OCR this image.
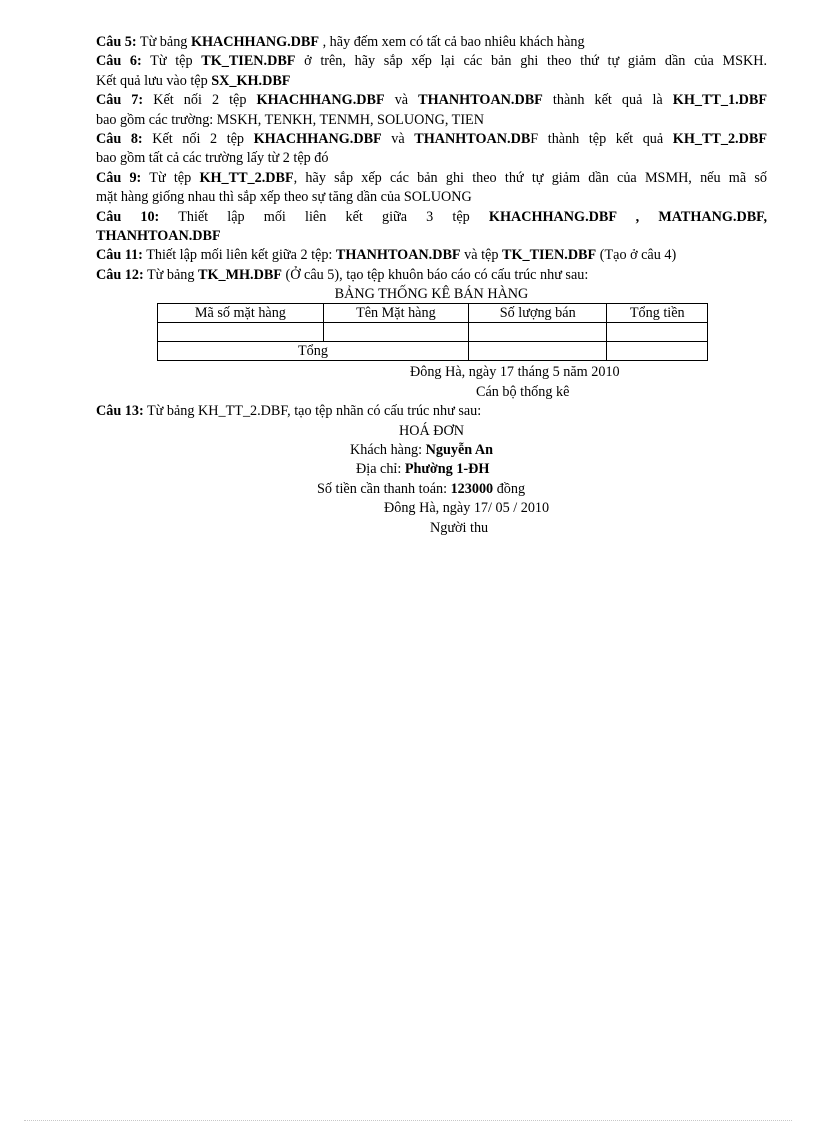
Câu 5: Từ bảng KHACHHANG.DBF , hãy đếm xem có tất cả bao nhiêu khách hàng
Câu 6: Từ tệp TK_TIEN.DBF ở trên, hãy sắp xếp lại các bản ghi theo thứ tự giảm dần của MSKH.
Kết quả lưu vào tệp SX_KH.DBF
Câu 7: Kết nối 2 tệp KHACHHANG.DBF và THANHTOAN.DBF thành kết quả là KH_TT_1.DBF
bao gồm các trường: MSKH, TENKH, TENMH, SOLUONG, TIEN
Câu 8: Kết nối 2 tệp KHACHHANG.DBF và THANHTOAN.DBF thành tệp kết quả KH_TT_2.DBF
bao gồm tất cả các trường lấy từ 2 tệp đó
Câu 9: Từ tệp KH_TT_2.DBF, hãy sắp xếp các bản ghi theo thứ tự giảm dần của MSMH, nếu mã số
mặt hàng giống nhau thì sắp xếp theo sự tăng dần của SOLUONG
Câu 10: Thiết lập mối liên kết giữa 3 tệp KHACHHANG.DBF , MATHANG.DBF,
THANHTOAN.DBF
Câu 11: Thiết lập mối liên kết giữa 2 tệp: THANHTOAN.DBF và tệp TK_TIEN.DBF (Tạo ở câu 4)
Câu 12: Từ bảng TK_MH.DBF (Ở câu 5), tạo tệp khuôn báo cáo có cấu trúc như sau:
BẢNG THỐNG KÊ BÁN HÀNG
Mã số mặt hàng	Tên Mặt hàng	Số lượng bán	Tổng tiền

Tổng			
Đông Hà, ngày 17 tháng 5 năm 2010
Cán bộ thống kê
Câu 13: Từ bảng KH_TT_2.DBF, tạo tệp nhãn có cấu trúc như sau:
HOÁ ĐƠN
Khách hàng: Nguyễn An
Địa chỉ: Phường 1-ĐH
Số tiền cần thanh toán: 123000 đồng
Đông Hà, ngày 17/ 05 / 2010
Người thu
